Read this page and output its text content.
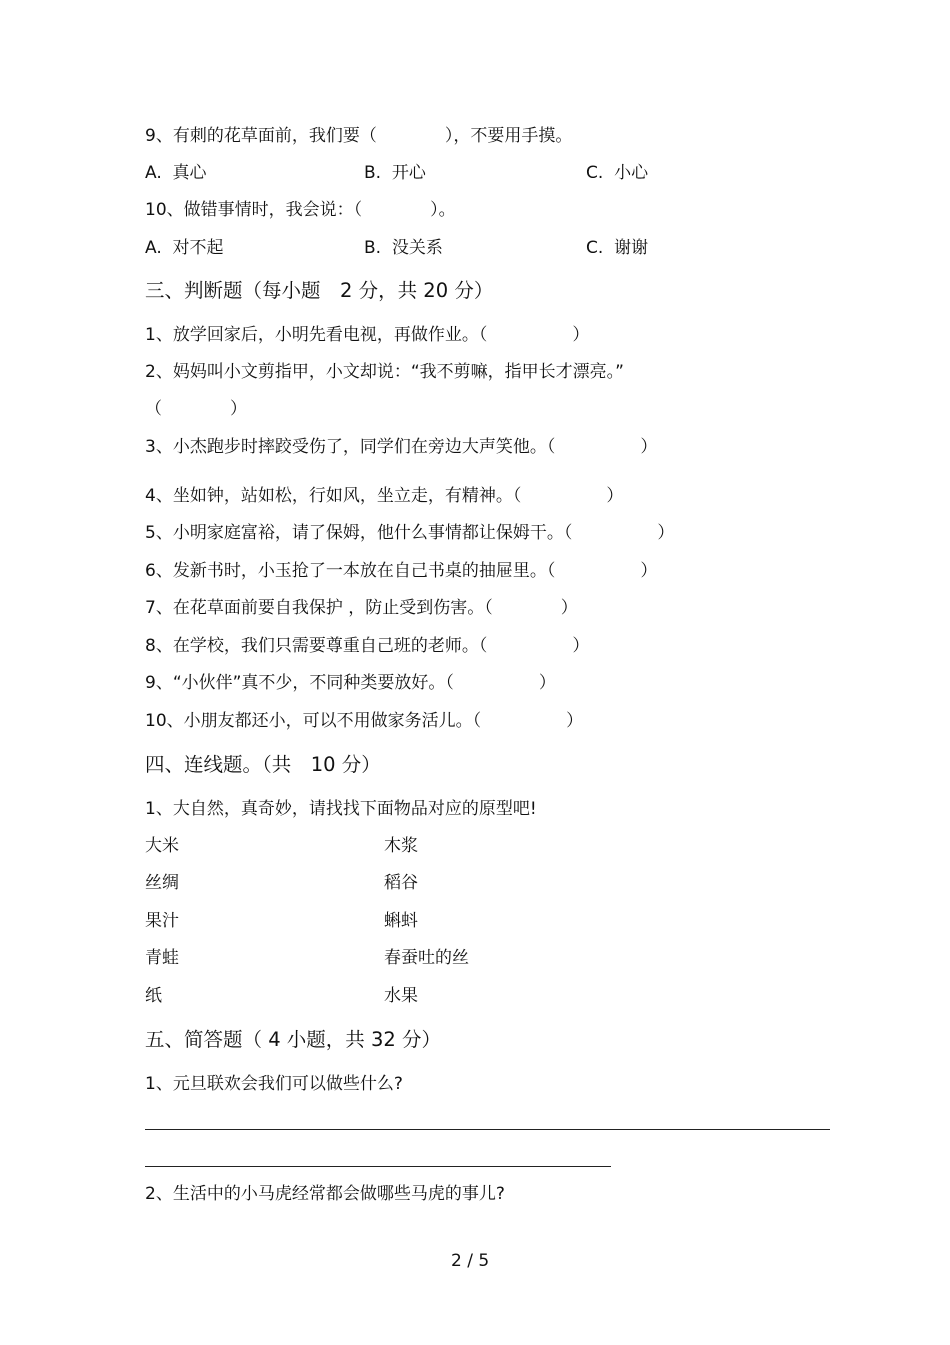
9、有刺的花草面前，我们要（　　　　），不要用手摸。
A.  真心	B.  开心	C.  小心
10、做错事情时，我会说：（　　　　）。
A.  对不起	B.  没关系	C.  谢谢
三、判断题（每小题　2 分，共 20 分）
1、放学回家后，小明先看电视，再做作业。（　　　　　）
2、妈妈叫小文剪指甲，小文却说：“我不剪嘛，指甲长才漂亮。”
（　　　　）
3、小杰跑步时摔跤受伤了，同学们在旁边大声笑他。（　　　　　）
4、坐如钟，站如松，行如风，坐立走，有精神。（　　　　　）
5、小明家庭富裕，请了保姆，他什么事情都让保姆干。（　　　　　）
6、发新书时，小玉抢了一本放在自己书桌的抽屉里。（　　　　　）
7、在花草面前要自我保护 ，防止受到伤害。（　　　　）
8、在学校，我们只需要尊重自己班的老师。（　　　　　）
9、“小伙伴”真不少，不同种类要放好。（　　　　　）
10、小朋友都还小，可以不用做家务活儿。（　　　　　）
四、连线题。（共　10 分）
1、大自然，真奇妙，请找找下面物品对应的原型吧!
大米	木浆
丝绸	稻谷
果汁	蝌蚪
青蛙	春蚕吐的丝
纸	水果
五、简答题（ 4 小题，共 32 分）
1、元旦联欢会我们可以做些什么?
2、生活中的小马虎经常都会做哪些马虎的事儿?
2 / 5
